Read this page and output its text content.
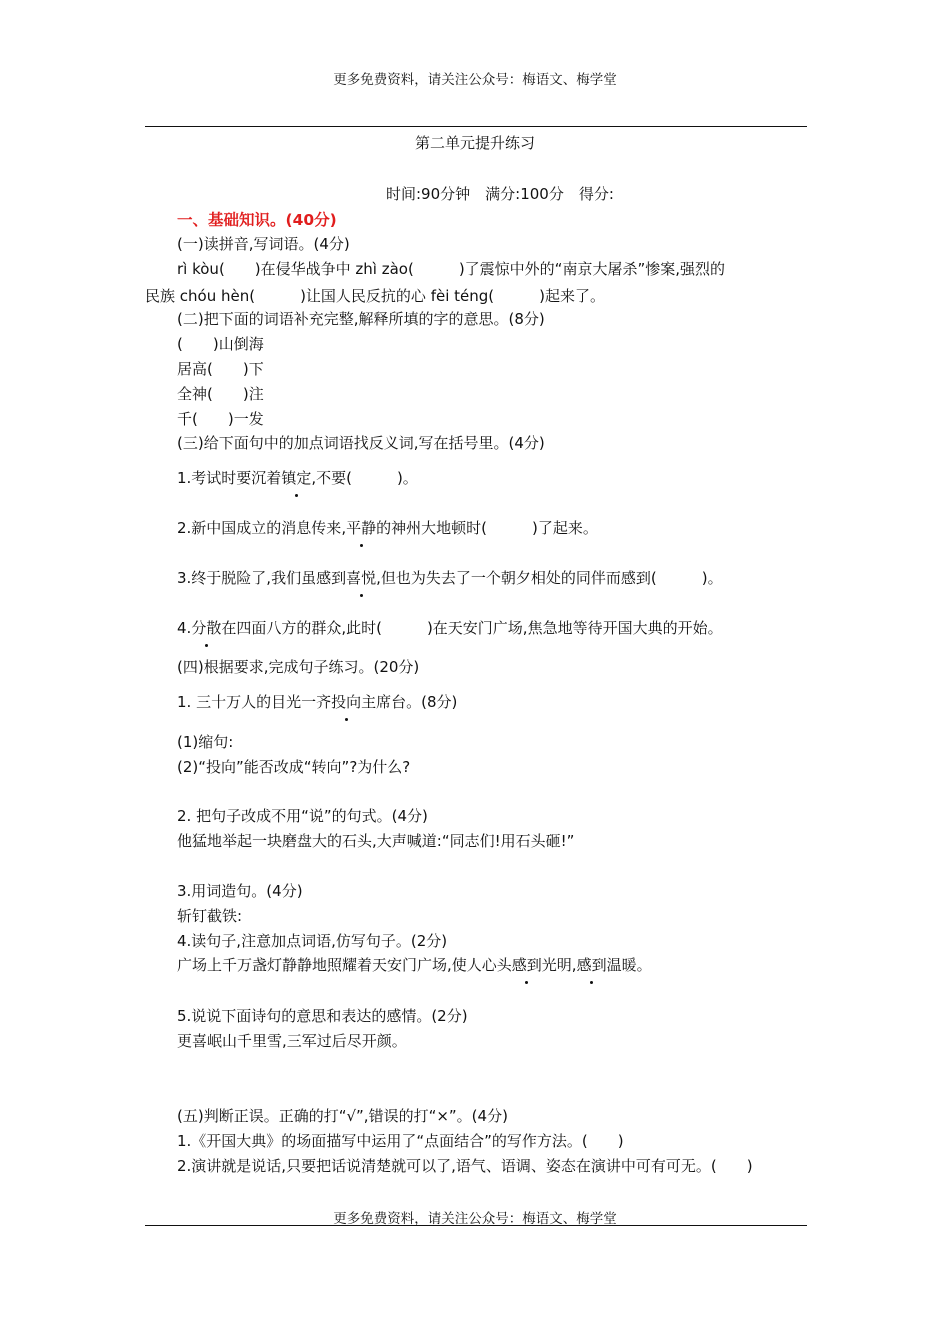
更多免费资料，请关注公众号：梅语文、梅学堂
第二单元提升练习
时间:90分钟　满分:100分　得分:
一、基础知识。(40分)
(一)读拼音,写词语。(4分)
rì kòu(　　)在侵华战争中 zhì zào(　　　)了震惊中外的“南京大屠杀”惨案,强烈的
民族 chóu hèn(　　　)让国人民反抗的心 fèi téng(　　　)起来了。
(二)把下面的词语补充完整,解释所填的字的意思。(8分)
(　　)山倒海
居高(　　)下
全神(　　)注
千(　　)一发
(三)给下面句中的加点词语找反义词,写在括号里。(4分)
1.考试时要沉着镇定,不要(　　　)。
2.新中国成立的消息传来,平静的神州大地顿时(　　　)了起来。
3.终于脱险了,我们虽感到喜悦,但也为失去了一个朝夕相处的同伴而感到(　　　)。
4.分散在四面八方的群众,此时(　　　)在天安门广场,焦急地等待开国大典的开始。
(四)根据要求,完成句子练习。(20分)
1. 三十万人的目光一齐投向主席台。(8分)
(1)缩句:
(2)“投向”能否改成“转向”?为什么?
2. 把句子改成不用“说”的句式。(4分)
他猛地举起一块磨盘大的石头,大声喊道:“同志们!用石头砸!”
3.用词造句。(4分)
斩钉截铁:
4.读句子,注意加点词语,仿写句子。(2分)
广场上千万盏灯静静地照耀着天安门广场,使人心头感到光明,感到温暖。
5.说说下面诗句的意思和表达的感情。(2分)
更喜岷山千里雪,三军过后尽开颜。
(五)判断正误。正确的打“√”,错误的打“×”。(4分)
1.《开国大典》的场面描写中运用了“点面结合”的写作方法。(　　)
2.演讲就是说话,只要把话说清楚就可以了,语气、语调、姿态在演讲中可有可无。(　　)
更多免费资料，请关注公众号：梅语文、梅学堂
